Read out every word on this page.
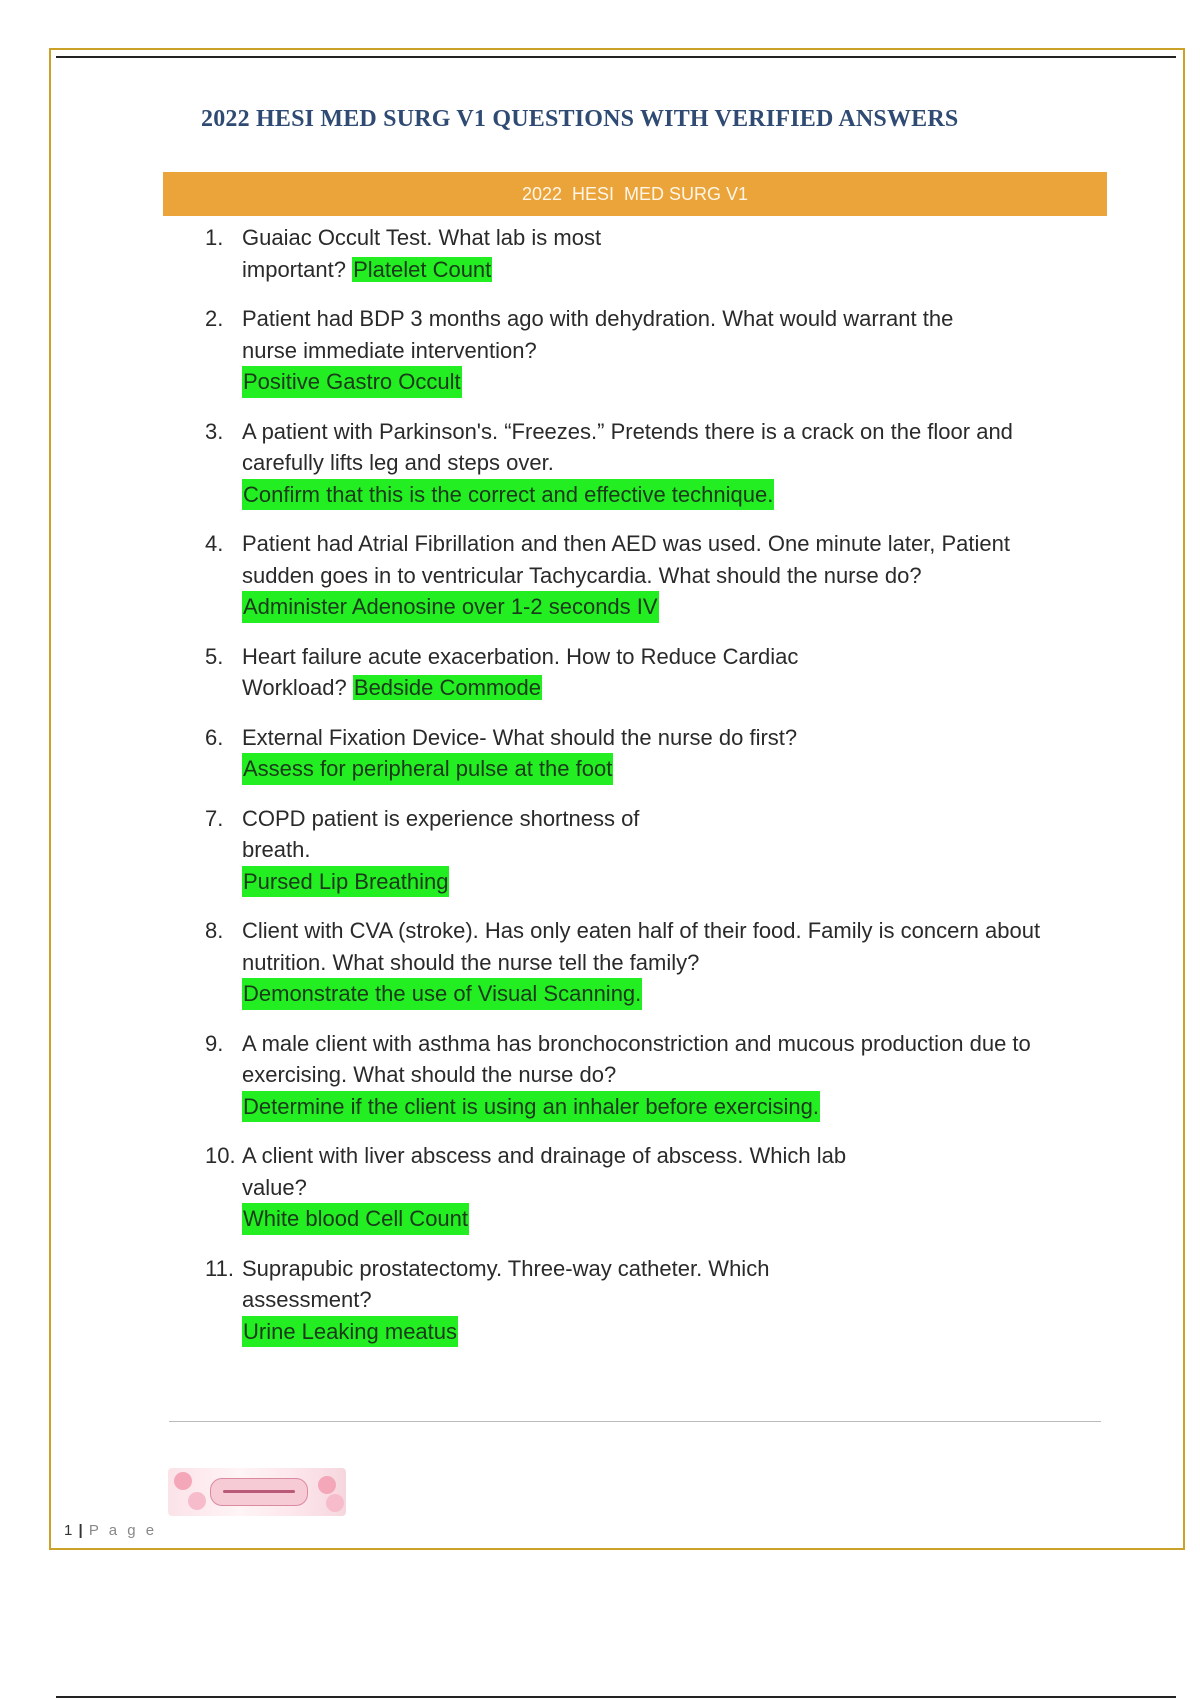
2022 HESI MED SURG V1 QUESTIONS WITH VERIFIED ANSWERS
2022  HESI  MED SURG V1
1. Guaiac Occult Test. What lab is most important? Platelet Count
2. Patient had BDP 3 months ago with dehydration. What would warrant the nurse immediate intervention?
Positive Gastro Occult
3. A patient with Parkinson's. “Freezes.” Pretends there is a crack on the floor and carefully lifts leg and steps over.
Confirm that this is the correct and effective technique.
4. Patient had Atrial Fibrillation and then AED was used. One minute later, Patient sudden goes in to ventricular Tachycardia. What should the nurse do?
Administer Adenosine over 1-2 seconds IV
5. Heart failure acute exacerbation. How to Reduce Cardiac Workload? Bedside Commode
6. External Fixation Device- What should the nurse do first?
Assess for peripheral pulse at the foot
7. COPD patient is experience shortness of breath.
Pursed Lip Breathing
8. Client with CVA (stroke). Has only eaten half of their food. Family is concern about nutrition. What should the nurse tell the family?
Demonstrate the use of Visual Scanning.
9. A male client with asthma has bronchoconstriction and mucous production due to exercising. What should the nurse do?
Determine if the client is using an inhaler before exercising.
10. A client with liver abscess and drainage of abscess. Which lab value?
White blood Cell Count
11. Suprapubic prostatectomy. Three-way catheter. Which assessment?
Urine Leaking meatus
1 | P a g e
